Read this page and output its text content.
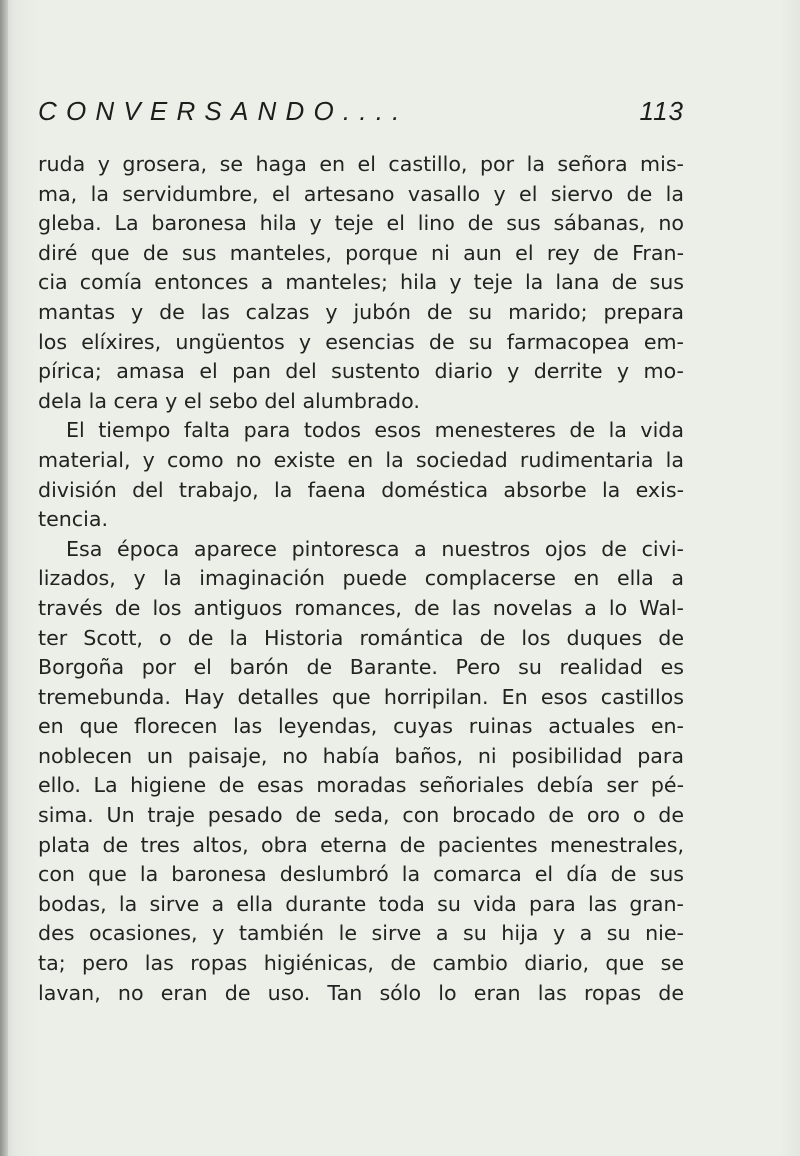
CONVERSANDO....	113
ruda y grosera, se haga en el castillo, por la señora mis-
ma, la servidumbre, el artesano vasallo y el siervo de la
gleba. La baronesa hila y teje el lino de sus sábanas, no
diré que de sus manteles, porque ni aun el rey de Fran-
cia comía entonces a manteles; hila y teje la lana de sus
mantas y de las calzas y jubón de su marido; prepara
los elíxires, ungüentos y esencias de su farmacopea em-
pírica; amasa el pan del sustento diario y derrite y mo-
dela la cera y el sebo del alumbrado.
El tiempo falta para todos esos menesteres de la vida
material, y como no existe en la sociedad rudimentaria la
división del trabajo, la faena doméstica absorbe la exis-
tencia.
Esa época aparece pintoresca a nuestros ojos de civi-
lizados, y la imaginación puede complacerse en ella a
través de los antiguos romances, de las novelas a lo Wal-
ter Scott, o de la Historia romántica de los duques de
Borgoña por el barón de Barante. Pero su realidad es
tremebunda. Hay detalles que horripilan. En esos castillos
en que florecen las leyendas, cuyas ruinas actuales en-
noblecen un paisaje, no había baños, ni posibilidad para
ello. La higiene de esas moradas señoriales debía ser pé-
sima. Un traje pesado de seda, con brocado de oro o de
plata de tres altos, obra eterna de pacientes menestrales,
con que la baronesa deslumbró la comarca el día de sus
bodas, la sirve a ella durante toda su vida para las gran-
des ocasiones, y también le sirve a su hija y a su nie-
ta; pero las ropas higiénicas, de cambio diario, que se
lavan, no eran de uso. Tan sólo lo eran las ropas de
